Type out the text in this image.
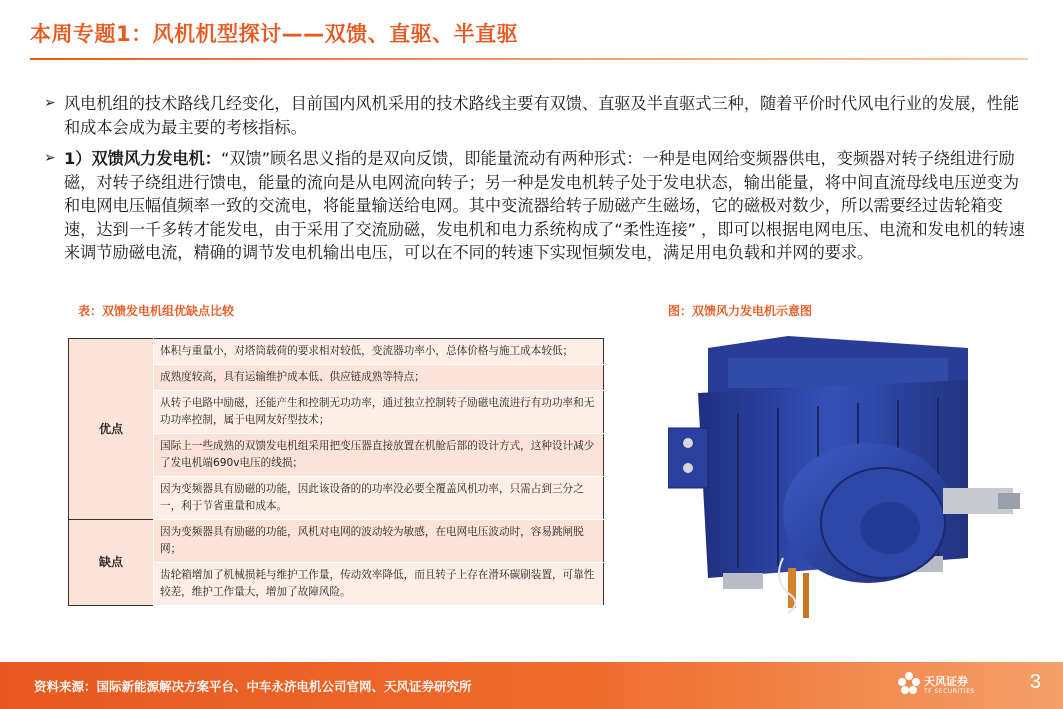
本周专题1：风机机型探讨——双馈、直驱、半直驱
➢ 风电机组的技术路线几经变化，目前国内风机采用的技术路线主要有双馈、直驱及半直驱式三种，随着平价时代风电行业的发展，性能和成本会成为最主要的考核指标。
➢ 1）双馈风力发电机：“双馈”顾名思义指的是双向反馈，即能量流动有两种形式：一种是电网给变频器供电，变频器对转子绕组进行励磁，对转子绕组进行馈电，能量的流向是从电网流向转子；另一种是发电机转子处于发电状态，输出能量，将中间直流母线电压逆变为和电网电压幅值频率一致的交流电，将能量输送给电网。其中变流器给转子励磁产生磁场，它的磁极对数少，所以需要经过齿轮箱变速，达到一千多转才能发电，由于采用了交流励磁，发电机和电力系统构成了“柔性连接” ，即可以根据电网电压、电流和发电机的转速来调节励磁电流，精确的调节发电机输出电压，可以在不同的转速下实现恒频发电，满足用电负载和并网的要求。
表：双馈发电机组优缺点比较	图：双馈风力发电机示意图
优点	体积与重量小，对塔筒载荷的要求相对较低，变流器功率小，总体价格与施工成本较低；
	成熟度较高，具有运输维护成本低、供应链成熟等特点；
	从转子电路中励磁，还能产生和控制无功功率，通过独立控制转子励磁电流进行有功功率和无功功率控制，属于电网友好型技术；
	国际上一些成熟的双馈发电机组采用把变压器直接放置在机舱后部的设计方式，这种设计减少了发电机端690v电压的线损；
	因为变频器具有励磁的功能，因此该设备的的功率没必要全覆盖风机功率，只需占到三分之一，利于节省重量和成本。
缺点	因为变频器具有励磁的功能，风机对电网的波动较为敏感，在电网电压波动时，容易跳闸脱网；
	齿轮箱增加了机械损耗与维护工作量，传动效率降低，而且转子上存在滑环碳刷装置，可靠性较差，维护工作量大，增加了故障风险。
资料来源：国际新能源解决方案平台、中车永济电机公司官网、天风证券研究所	天风证券
TF SECURITIES	3
